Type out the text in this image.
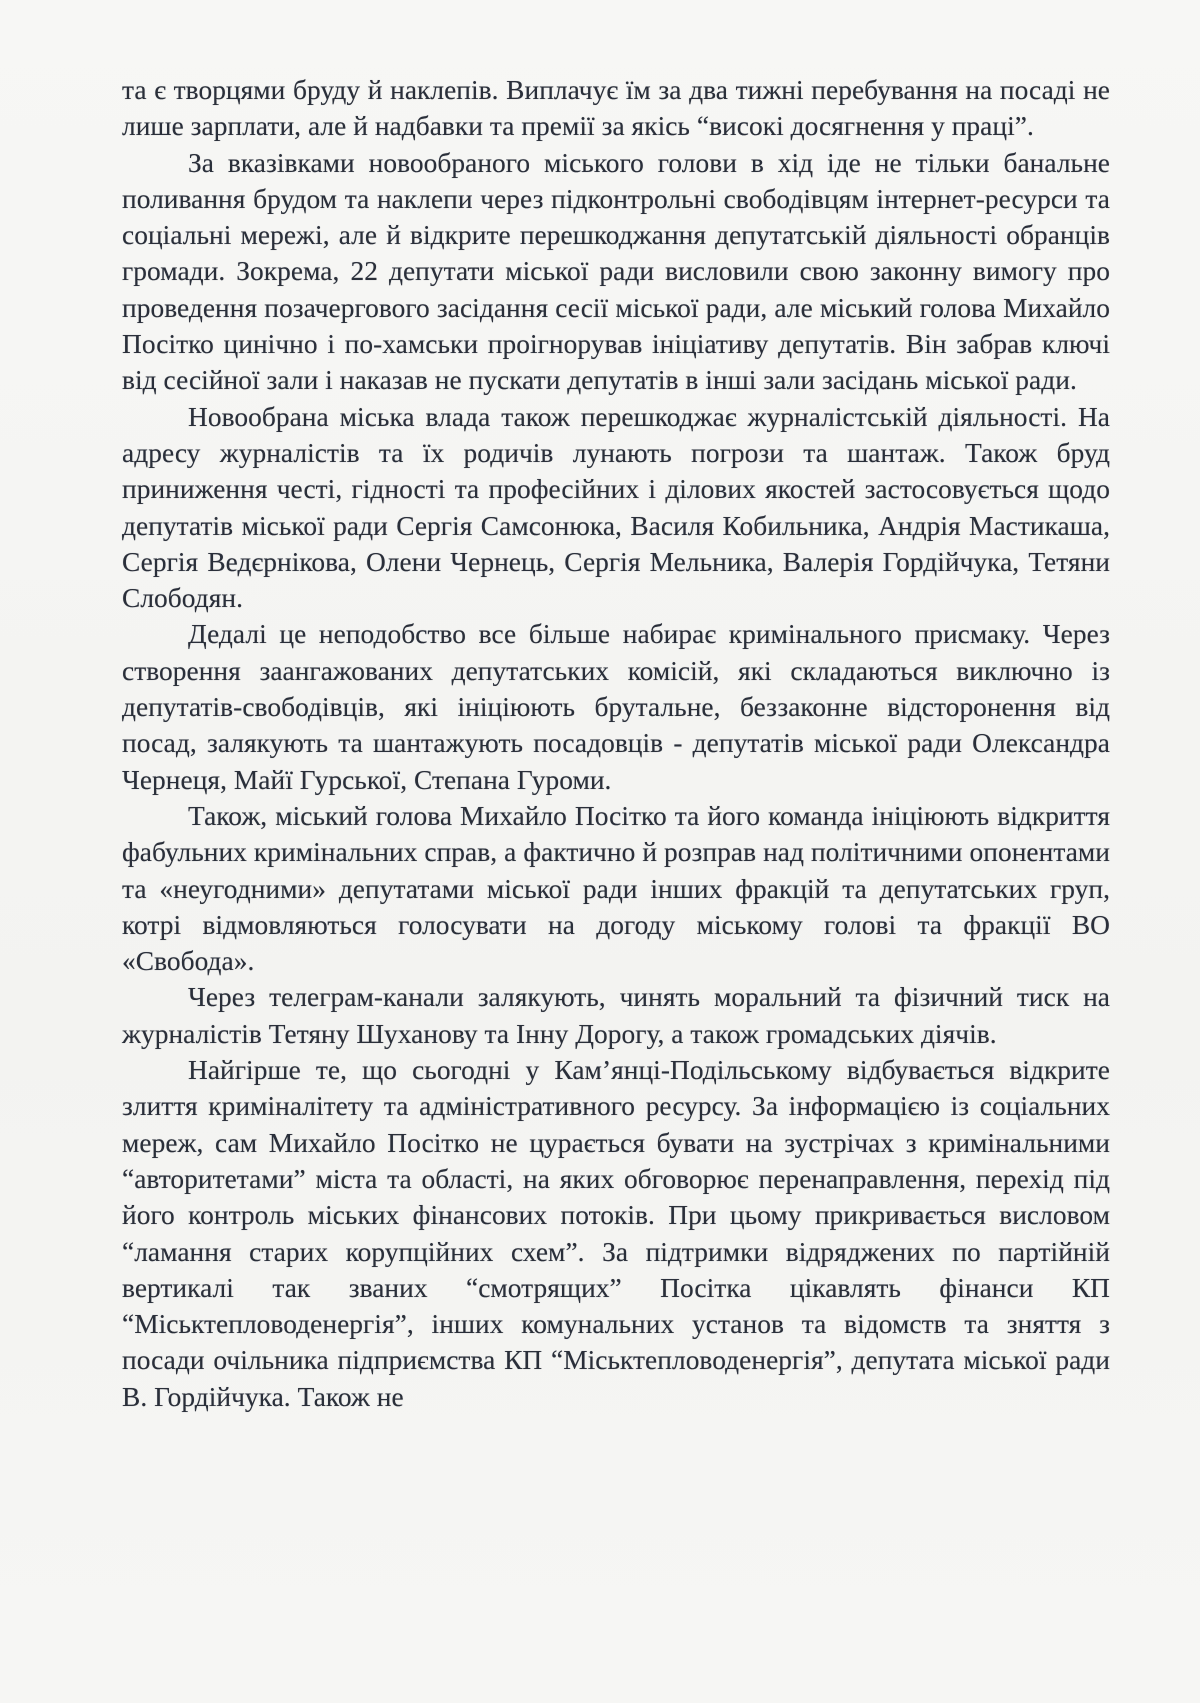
та є творцями бруду й наклепів. Виплачує їм за два тижні перебування на посаді не лише зарплати, але й надбавки та премії за якісь “високі досягнення у праці”.

За вказівками новообраного міського голови в хід іде не тільки банальне поливання брудом та наклепи через підконтрольні свободівцям інтернет-ресурси та соціальні мережі, але й відкрите перешкоджання депутатській діяльності обранців громади. Зокрема, 22 депутати міської ради висловили свою законну вимогу про проведення позачергового засідання сесії міської ради, але міський голова Михайло Посітко цинічно і по-хамськи проігнорував ініціативу депутатів. Він забрав ключі від сесійної зали і наказав не пускати депутатів в інші зали засідань міської ради.

Новообрана міська влада також перешкоджає журналістській діяльності. На адресу журналістів та їх родичів лунають погрози та шантаж. Також бруд приниження честі, гідності та професійних і ділових якостей застосовується щодо депутатів міської ради Сергія Самсонюка, Василя Кобильника, Андрія Мастикаша, Сергія Ведєрнікова, Олени Чернець, Сергія Мельника, Валерія Гордійчука, Тетяни Слободян.

Дедалі це неподобство все більше набирає кримінального присмаку. Через створення заангажованих депутатських комісій, які складаються виключно із депутатів-свободівців, які ініціюють брутальне, беззаконне відсторонення від посад, залякують та шантажують посадовців - депутатів міської ради Олександра Чернеця, Майї Гурської, Степана Гуроми.

Також, міський голова Михайло Посітко та його команда ініціюють відкриття фабульних кримінальних справ, а фактично й розправ над політичними опонентами та «неугодними» депутатами міської ради інших фракцій та депутатських груп, котрі відмовляються голосувати на догоду міському голові та фракції ВО «Свобода».

Через телеграм-канали залякують, чинять моральний та фізичний тиск на журналістів Тетяну Шуханову та Інну Дорогу, а також громадських діячів.

Найгірше те, що сьогодні у Кам’янці-Подільському відбувається відкрите злиття криміналітету та адміністративного ресурсу. За інформацією із соціальних мереж, сам Михайло Посітко не цурається бувати на зустрічах з кримінальними “авторитетами” міста та області, на яких обговорює перенаправлення, перехід під його контроль міських фінансових потоків. При цьому прикривається висловом “ламання старих корупційних схем”. За підтримки відряджених по партійній вертикалі так званих “смотрящих” Посітка цікавлять фінанси КП “Міськтепловоденергія”, інших комунальних установ та відомств та зняття з посади очільника підприємства КП “Міськтепловоденергія”, депутата міської ради В. Гордійчука. Також не
